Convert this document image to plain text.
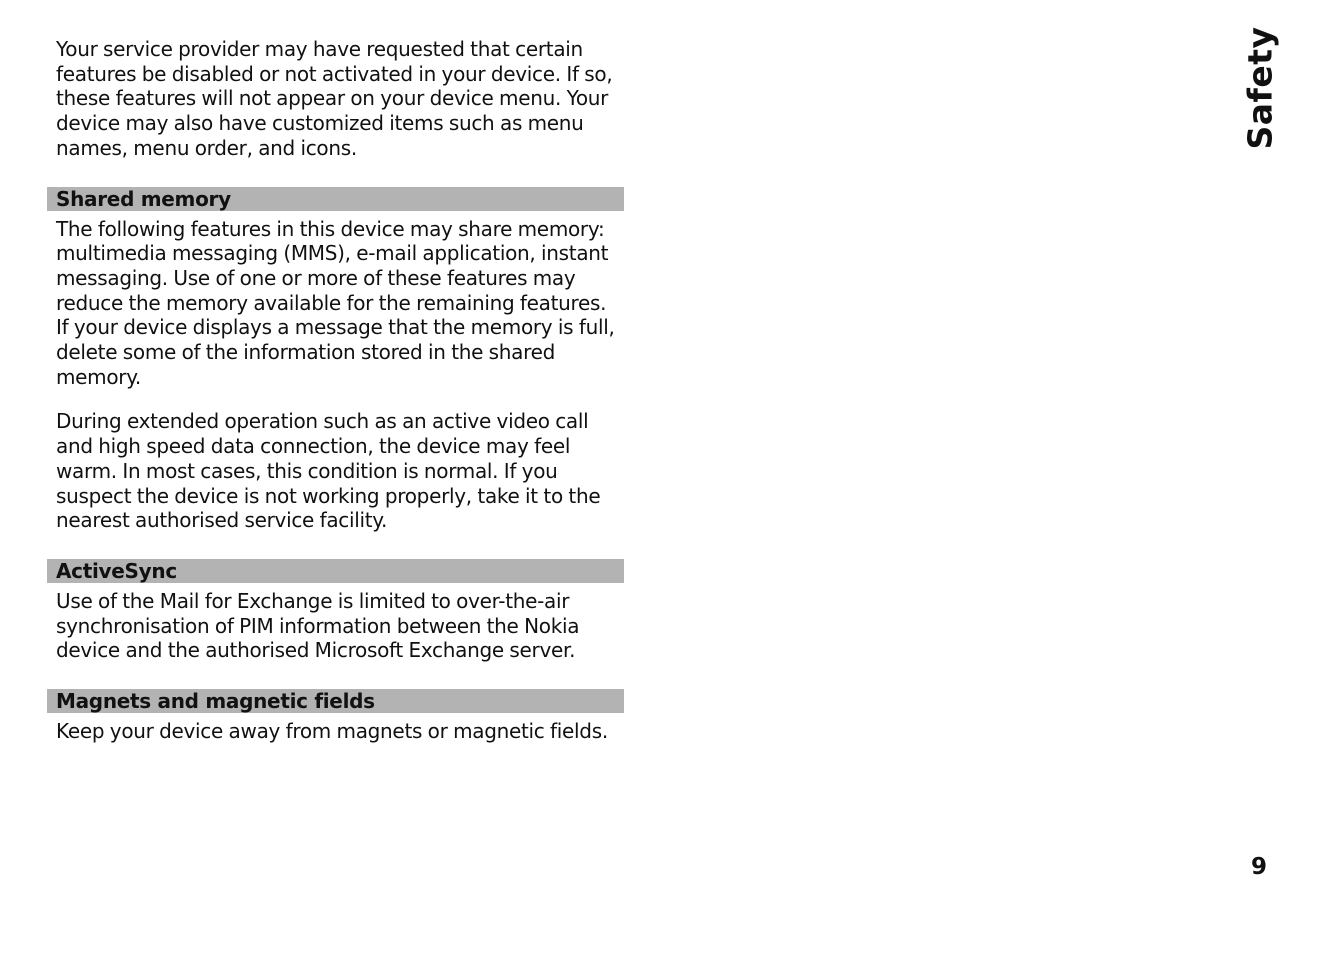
Your service provider may have requested that certain features be disabled or not activated in your device. If so, these features will not appear on your device menu. Your device may also have customized items such as menu names, menu order, and icons.

Shared memory

The following features in this device may share memory: multimedia messaging (MMS), e-mail application, instant messaging. Use of one or more of these features may reduce the memory available for the remaining features. If your device displays a message that the memory is full, delete some of the information stored in the shared memory.

During extended operation such as an active video call and high speed data connection, the device may feel warm. In most cases, this condition is normal. If you suspect the device is not working properly, take it to the nearest authorised service facility.

ActiveSync

Use of the Mail for Exchange is limited to over-the-air synchronisation of PIM information between the Nokia device and the authorised Microsoft Exchange server.

Magnets and magnetic fields

Keep your device away from magnets or magnetic fields.

Safety
9
